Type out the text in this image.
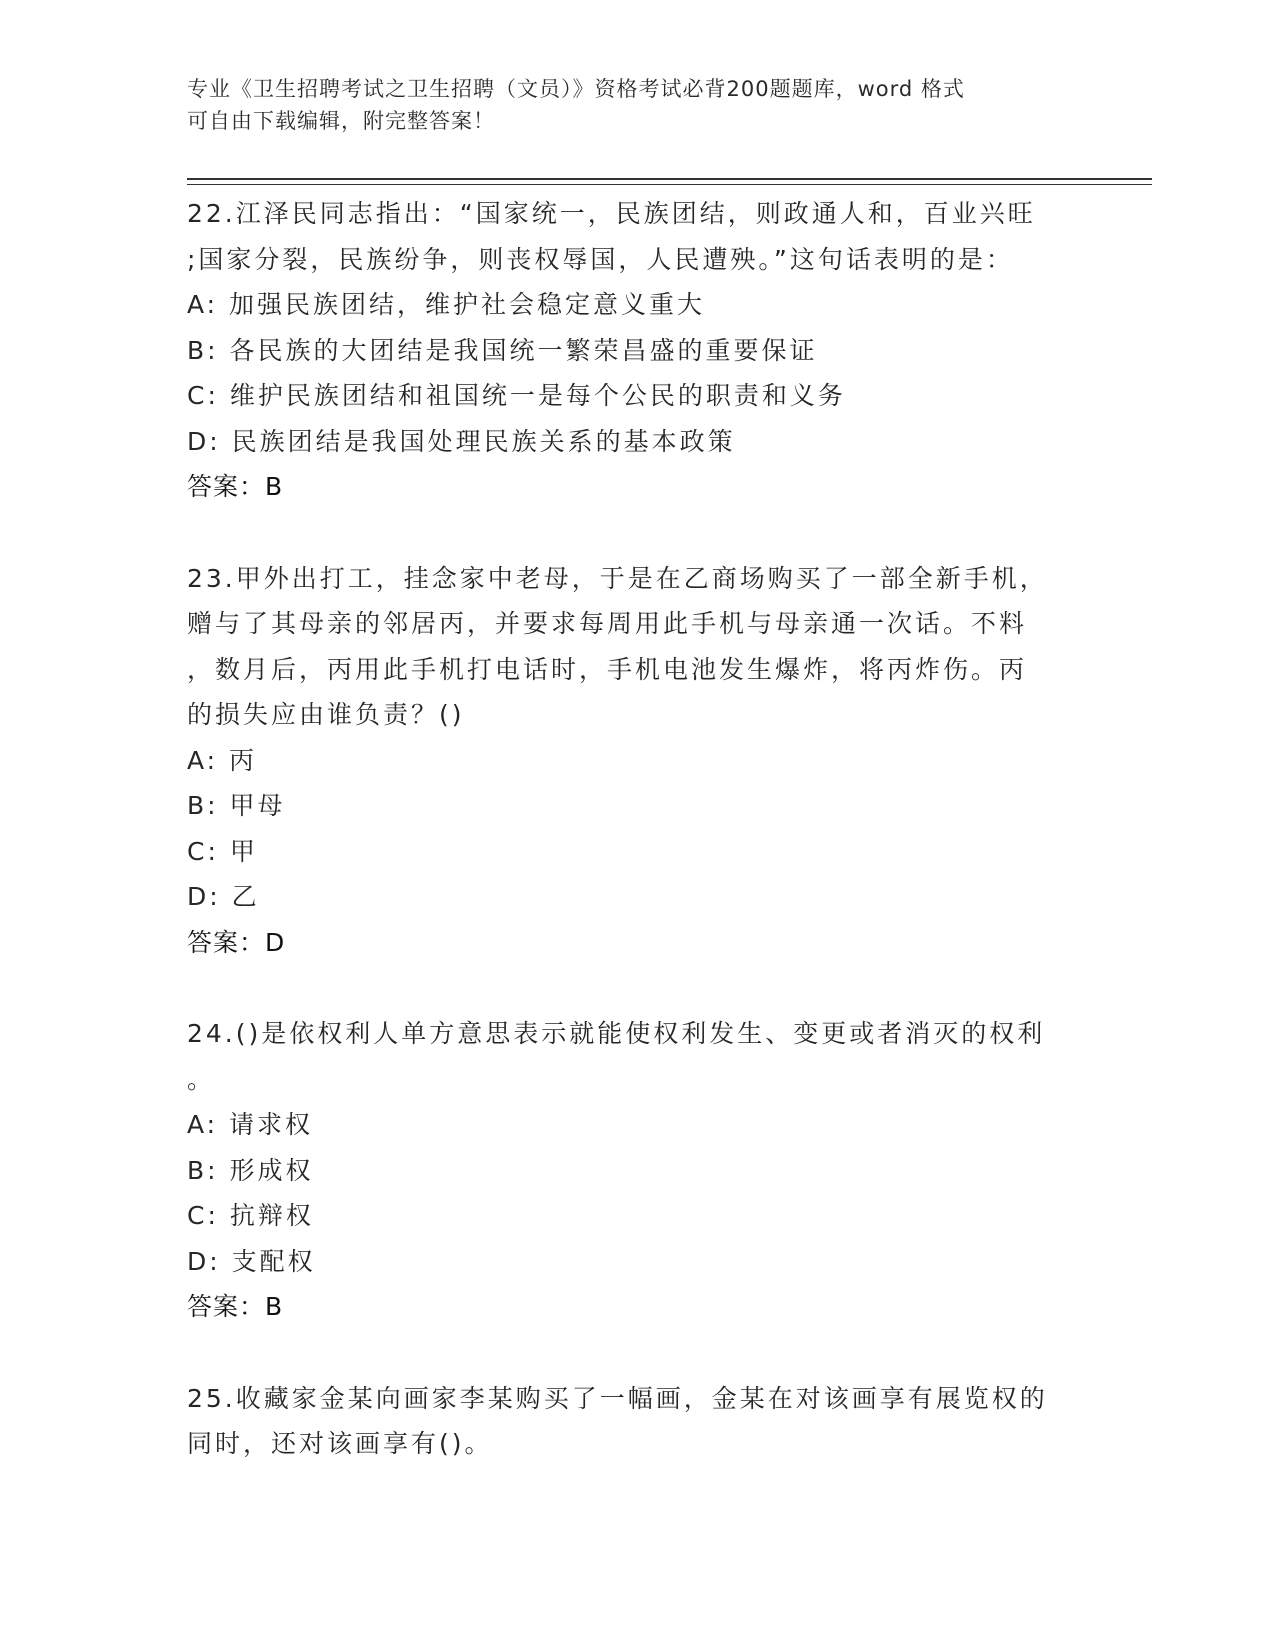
专业《卫生招聘考试之卫生招聘（文员）》资格考试必背200题题库，word 格式
可自由下载编辑，附完整答案！
22.江泽民同志指出：“国家统一，民族团结，则政通人和，百业兴旺
;国家分裂，民族纷争，则丧权辱国，人民遭殃。”这句话表明的是：
A: 加强民族团结，维护社会稳定意义重大
B: 各民族的大团结是我国统一繁荣昌盛的重要保证
C: 维护民族团结和祖国统一是每个公民的职责和义务
D: 民族团结是我国处理民族关系的基本政策
答案：B
23.甲外出打工，挂念家中老母，于是在乙商场购买了一部全新手机，
赠与了其母亲的邻居丙，并要求每周用此手机与母亲通一次话。不料
，数月后，丙用此手机打电话时，手机电池发生爆炸，将丙炸伤。丙
的损失应由谁负责？()
A: 丙
B: 甲母
C: 甲
D: 乙
答案：D
24.()是依权利人单方意思表示就能使权利发生、变更或者消灭的权利
。
A: 请求权
B: 形成权
C: 抗辩权
D: 支配权
答案：B
25.收藏家金某向画家李某购买了一幅画，金某在对该画享有展览权的
同时，还对该画享有()。
